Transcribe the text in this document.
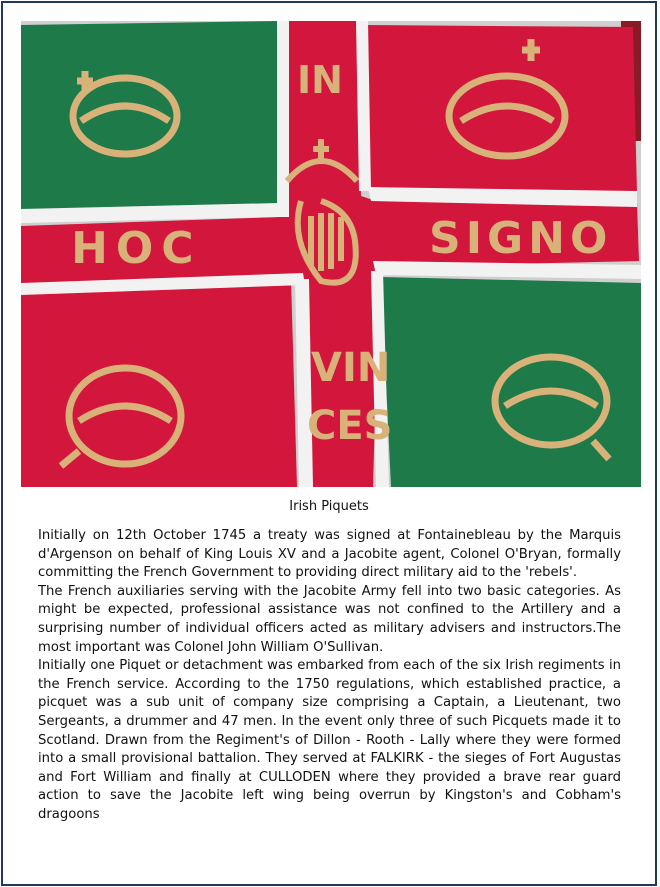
IN
HOC	SIGNO
VIN
CES
Irish Piquets

Initially on 12th October 1745 a treaty was signed at Fontainebleau by the Marquis d'Argenson on behalf of King Louis XV and a Jacobite agent, Colonel O'Bryan, formally committing the French Government to providing direct military aid to the 'rebels'.

The French auxiliaries serving with the Jacobite Army fell into two basic categories. As might be expected, professional assistance was not confined to the Artillery and a surprising number of individual officers acted as military advisers and instructors.The most important was Colonel John William O'Sullivan.

Initially one Piquet or detachment was embarked from each of the six Irish regiments in the French service. According to the 1750 regulations, which established practice, a picquet was a sub unit of company size comprising a Captain, a Lieutenant, two Sergeants, a drummer and 47 men. In the event only three of such Picquets made it to Scotland. Drawn from the Regiment's of Dillon - Rooth - Lally where they were formed into a small provisional battalion. They served at FALKIRK - the sieges of Fort Augustas and Fort William and finally at CULLODEN where they provided a brave rear guard action to save the Jacobite left wing being overrun by Kingston's and Cobham's dragoons
